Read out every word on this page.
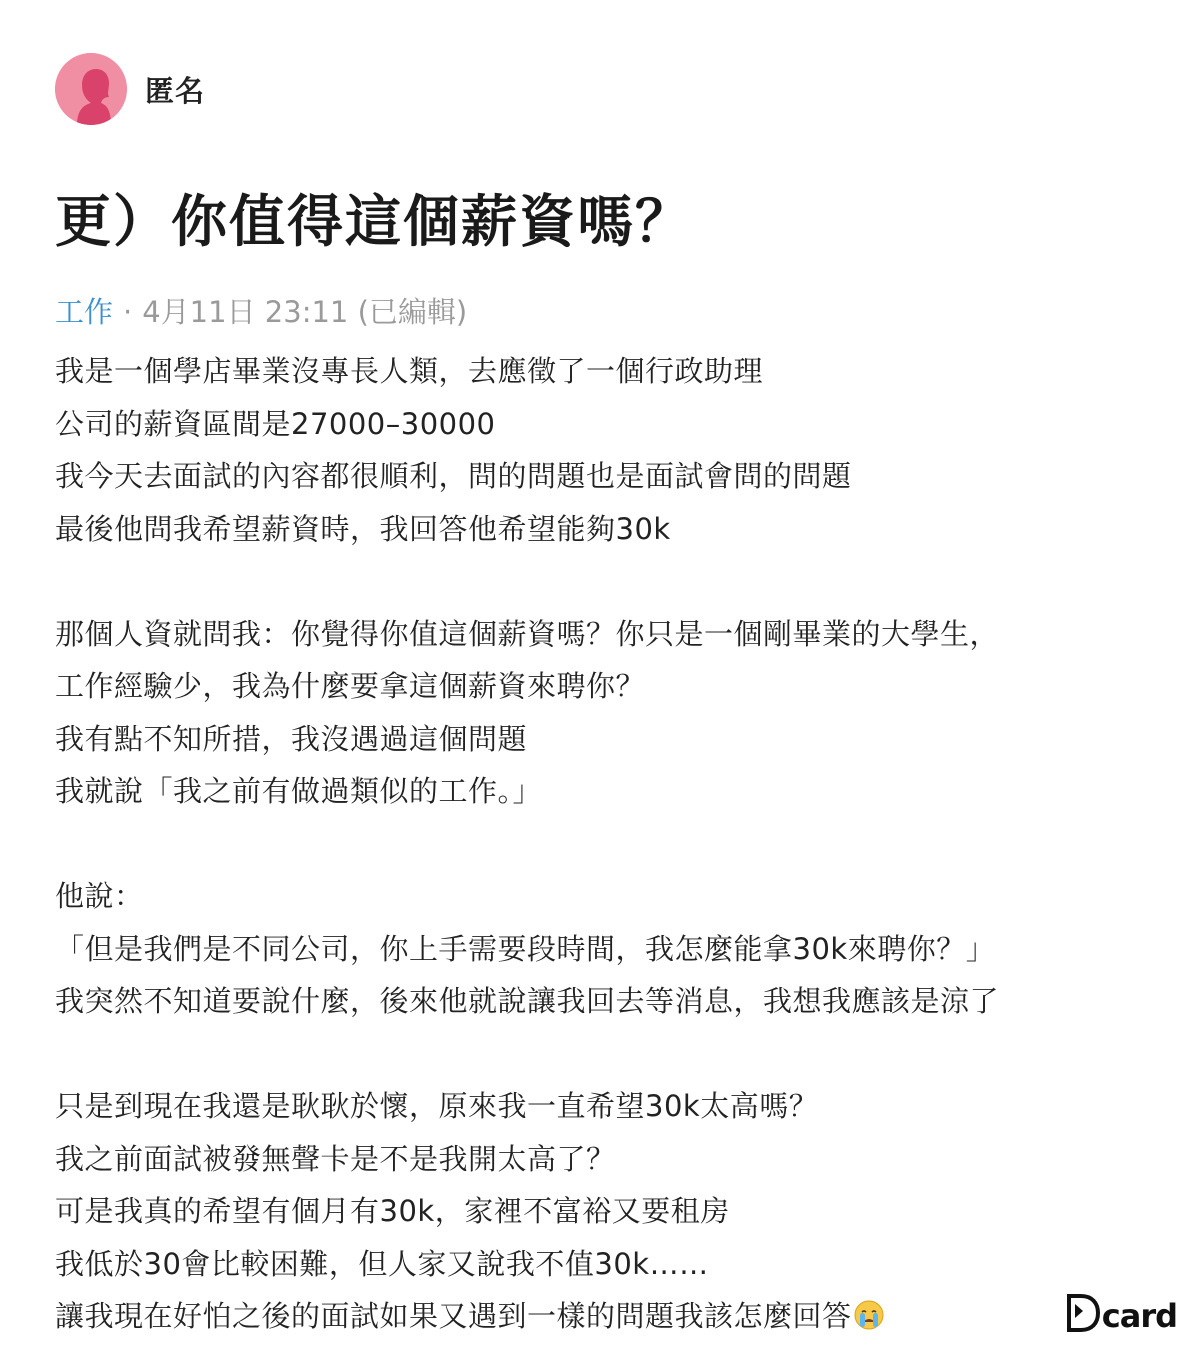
匿名
更）你值得這個薪資嗎？
工作 · 4月11日 23:11 (已編輯)
我是一個學店畢業沒專長人類，去應徵了一個行政助理
公司的薪資區間是27000–30000
我今天去面試的內容都很順利，問的問題也是面試會問的問題
最後他問我希望薪資時，我回答他希望能夠30k
那個人資就問我：你覺得你值這個薪資嗎？你只是一個剛畢業的大學生，
工作經驗少，我為什麼要拿這個薪資來聘你？
我有點不知所措，我沒遇過這個問題
我就說「我之前有做過類似的工作。」
他說：
「但是我們是不同公司，你上手需要段時間，我怎麼能拿30k來聘你？」
我突然不知道要說什麼，後來他就說讓我回去等消息，我想我應該是涼了
只是到現在我還是耿耿於懷，原來我一直希望30k太高嗎？
我之前面試被發無聲卡是不是我開太高了？
可是我真的希望有個月有30k，家裡不富裕又要租房
我低於30會比較困難，但人家又說我不值30k……
讓我現在好怕之後的面試如果又遇到一樣的問題我該怎麼回答	card
